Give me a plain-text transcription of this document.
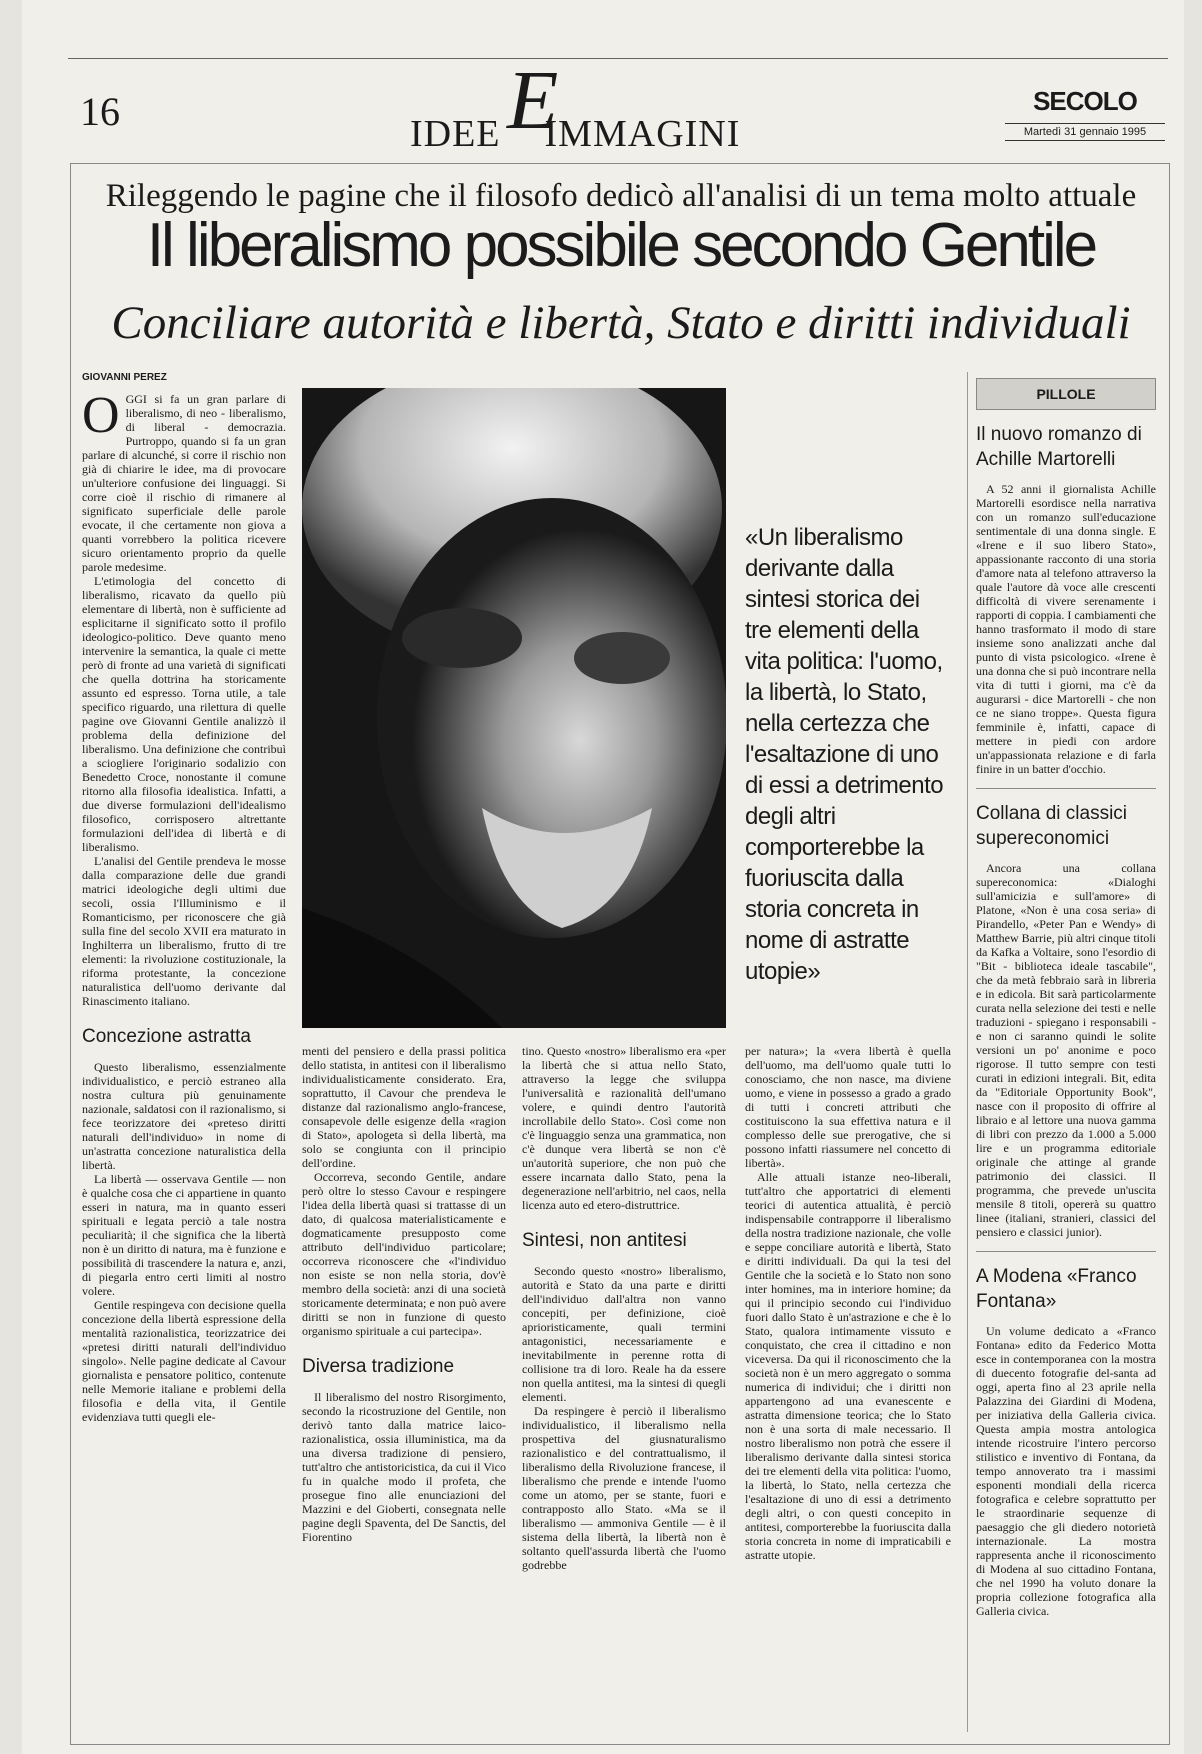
16	IDEE E
IMMAGINI
SECOLO
Martedì 31 gennaio 1995
Rileggendo le pagine che il filosofo dedicò all'analisi di un tema molto attuale
Il liberalismo possibile secondo Gentile
Conciliare autorità e libertà, Stato e diritti individuali
GIOVANNI PEREZ

OGGI si fa un gran parlare di liberalismo, di neo - liberalismo, di liberal - democrazia. Purtroppo, quando si fa un gran parlare di alcunché, si corre il rischio non già di chiarire le idee, ma di provocare un'ulteriore confusione dei linguaggi. Si corre cioè il rischio di rimanere al significato superficiale delle parole evocate, il che certamente non giova a quanti vorrebbero la politica ricevere sicuro orientamento proprio da quelle parole medesime.

L'etimologia del concetto di liberalismo, ricavato da quello più elementare di libertà, non è sufficiente ad esplicitarne il significato sotto il profilo ideologico-politico. Deve quanto meno intervenire la semantica, la quale ci mette però di fronte ad una varietà di significati che quella dottrina ha storicamente assunto ed espresso. Torna utile, a tale specifico riguardo, una rilettura di quelle pagine ove Giovanni Gentile analizzò il problema della definizione del liberalismo. Una definizione che contribuì a sciogliere l'originario sodalizio con Benedetto Croce, nonostante il comune ritorno alla filosofia idealistica. Infatti, a due diverse formulazioni dell'idealismo filosofico, corrisposero altrettante formulazioni dell'idea di libertà e di liberalismo.

L'analisi del Gentile prendeva le mosse dalla comparazione delle due grandi matrici ideologiche degli ultimi due secoli, ossia l'Illuminismo e il Romanticismo, per riconoscere che già sulla fine del secolo XVII era maturato in Inghilterra un liberalismo, frutto di tre elementi: la rivoluzione costituzionale, la riforma protestante, la concezione naturalistica dell'uomo derivante dal Rinascimento italiano.

Concezione astratta

Questo liberalismo, essenzialmente individualistico, e perciò estraneo alla nostra cultura più genuinamente nazionale, saldatosi con il razionalismo, si fece teorizzatore dei «preteso diritti naturali dell'individuo» in nome di un'astratta concezione naturalistica della libertà.

La libertà — osservava Gentile — non è qualche cosa che ci appartiene in quanto esseri in natura, ma in quanto esseri spirituali e legata perciò a tale nostra peculiarità; il che significa che la libertà non è un diritto di natura, ma è funzione e possibilità di trascendere la natura e, anzi, di piegarla entro certi limiti al nostro volere.

Gentile respingeva con decisione quella concezione della libertà espressione della mentalità razionalistica, teorizzatrice dei «pretesi diritti naturali dell'individuo singolo». Nelle pagine dedicate al Cavour giornalista e pensatore politico, contenute nelle Memorie italiane e problemi della filosofia e della vita, il Gentile evidenziava tutti quegli ele-

«Un liberalismo derivante dalla sintesi storica dei tre elementi della vita politica: l'uomo, la libertà, lo Stato, nella certezza che l'esaltazione di uno di essi a detrimento degli altri comporterebbe la fuoriuscita dalla storia concreta in nome di astratte utopie»

menti del pensiero e della prassi politica dello statista, in antitesi con il liberalismo individualisticamente considerato. Era, soprattutto, il Cavour che prendeva le distanze dal razionalismo anglo-francese, consapevole delle esigenze della «ragion di Stato», apologeta sì della libertà, ma solo se congiunta con il principio dell'ordine.

Occorreva, secondo Gentile, andare però oltre lo stesso Cavour e respingere l'idea della libertà quasi si trattasse di un dato, di qualcosa materialisticamente e dogmaticamente presupposto come attributo dell'individuo particolare; occorreva riconoscere che «l'individuo non esiste se non nella storia, dov'è membro della società: anzi di una società storicamente determinata; e non può avere diritti se non in funzione di questo organismo spirituale a cui partecipa».

Diversa tradizione

Il liberalismo del nostro Risorgimento, secondo la ricostruzione del Gentile, non derivò tanto dalla matrice laico-razionalistica, ossia illuministica, ma da una diversa tradizione di pensiero, tutt'altro che antistoricistica, da cui il Vico fu in qualche modo il profeta, che prosegue fino alle enunciazioni del Mazzini e del Gioberti, consegnata nelle pagine degli Spaventa, del De Sanctis, del Fiorentino

tino. Questo «nostro» liberalismo era «per la libertà che si attua nello Stato, attraverso la legge che sviluppa l'universalità e razionalità dell'umano volere, e quindi dentro l'autorità incrollabile dello Stato». Così come non c'è linguaggio senza una grammatica, non c'è dunque vera libertà se non c'è un'autorità superiore, che non può che essere incarnata dallo Stato, pena la degenerazione nell'arbitrio, nel caos, nella licenza auto ed etero-distruttrice.

Sintesi, non antitesi

Secondo questo «nostro» liberalismo, autorità e Stato da una parte e diritti dell'individuo dall'altra non vanno concepiti, per definizione, cioè aprioristicamente, quali termini antagonistici, necessariamente e inevitabilmente in perenne rotta di collisione tra di loro. Reale ha da essere non quella antitesi, ma la sintesi di quegli elementi.

Da respingere è perciò il liberalismo individualistico, il liberalismo nella prospettiva del giusnaturalismo razionalistico e del contrattualismo, il liberalismo della Rivoluzione francese, il liberalismo che prende e intende l'uomo come un atomo, per se stante, fuori e contrapposto allo Stato. «Ma se il liberalismo — ammoniva Gentile — è il sistema della libertà, la libertà non è soltanto quell'assurda libertà che l'uomo godrebbe

per natura»; la «vera libertà è quella dell'uomo, ma dell'uomo quale tutti lo conosciamo, che non nasce, ma diviene uomo, e viene in possesso a grado a grado di tutti i concreti attributi che costituiscono la sua effettiva natura e il complesso delle sue prerogative, che si possono infatti riassumere nel concetto di libertà».

Alle attuali istanze neo-liberali, tutt'altro che apportatrici di elementi teorici di autentica attualità, è perciò indispensabile contrapporre il liberalismo della nostra tradizione nazionale, che volle e seppe conciliare autorità e libertà, Stato e diritti individuali. Da qui la tesi del Gentile che la società e lo Stato non sono inter homines, ma in interiore homine; da qui il principio secondo cui l'individuo fuori dallo Stato è un'astrazione e che è lo Stato, qualora intimamente vissuto e conquistato, che crea il cittadino e non viceversa. Da qui il riconoscimento che la società non è un mero aggregato o somma numerica di individui; che i diritti non appartengono ad una evanescente e astratta dimensione teorica; che lo Stato non è una sorta di male necessario. Il nostro liberalismo non potrà che essere il liberalismo derivante dalla sintesi storica dei tre elementi della vita politica: l'uomo, la libertà, lo Stato, nella certezza che l'esaltazione di uno di essi a detrimento degli altri, o con questi concepito in antitesi, comporterebbe la fuoriuscita dalla storia concreta in nome di impraticabili e astratte utopie.

PILLOLE
Il nuovo romanzo di Achille Martorelli
A 52 anni il giornalista Achille Martorelli esordisce nella narrativa con un romanzo sull'educazione sentimentale di una donna single. E «Irene e il suo libero Stato», appassionante racconto di una storia d'amore nata al telefono attraverso la quale l'autore dà voce alle crescenti difficoltà di vivere serenamente i rapporti di coppia. I cambiamenti che hanno trasformato il modo di stare insieme sono analizzati anche dal punto di vista psicologico. «Irene è una donna che si può incontrare nella vita di tutti i giorni, ma c'è da augurarsi - dice Martorelli - che non ce ne siano troppe». Questa figura femminile è, infatti, capace di mettere in piedi con ardore un'appassionata relazione e di farla finire in un batter d'occhio.
Collana di classici supereconomici
Ancora una collana supereconomica: «Dialoghi sull'amicizia e sull'amore» di Platone, «Non è una cosa seria» di Pirandello, «Peter Pan e Wendy» di Matthew Barrie, più altri cinque titoli da Kafka a Voltaire, sono l'esordio di "Bit - biblioteca ideale tascabile", che da metà febbraio sarà in libreria e in edicola. Bit sarà particolarmente curata nella selezione dei testi e nelle traduzioni - spiegano i responsabili - e non ci saranno quindi le solite versioni un po' anonime e poco rigorose. Il tutto sempre con testi curati in edizioni integrali. Bit, edita da "Editoriale Opportunity Book", nasce con il proposito di offrire al libraio e al lettore una nuova gamma di libri con prezzo da 1.000 a 5.000 lire e un programma editoriale originale che attinge al grande patrimonio dei classici. Il programma, che prevede un'uscita mensile 8 titoli, opererà su quattro linee (italiani, stranieri, classici del pensiero e classici junior).
A Modena «Franco Fontana»
Un volume dedicato a «Franco Fontana» edito da Federico Motta esce in contemporanea con la mostra di duecento fotografie del-santa ad oggi, aperta fino al 23 aprile nella Palazzina dei Giardini di Modena, per iniziativa della Galleria civica. Questa ampia mostra antologica intende ricostruire l'intero percorso stilistico e inventivo di Fontana, da tempo annoverato tra i massimi esponenti mondiali della ricerca fotografica e celebre soprattutto per le straordinarie sequenze di paesaggio che gli diedero notorietà internazionale. La mostra rappresenta anche il riconoscimento di Modena al suo cittadino Fontana, che nel 1990 ha voluto donare la propria collezione fotografica alla Galleria civica.
